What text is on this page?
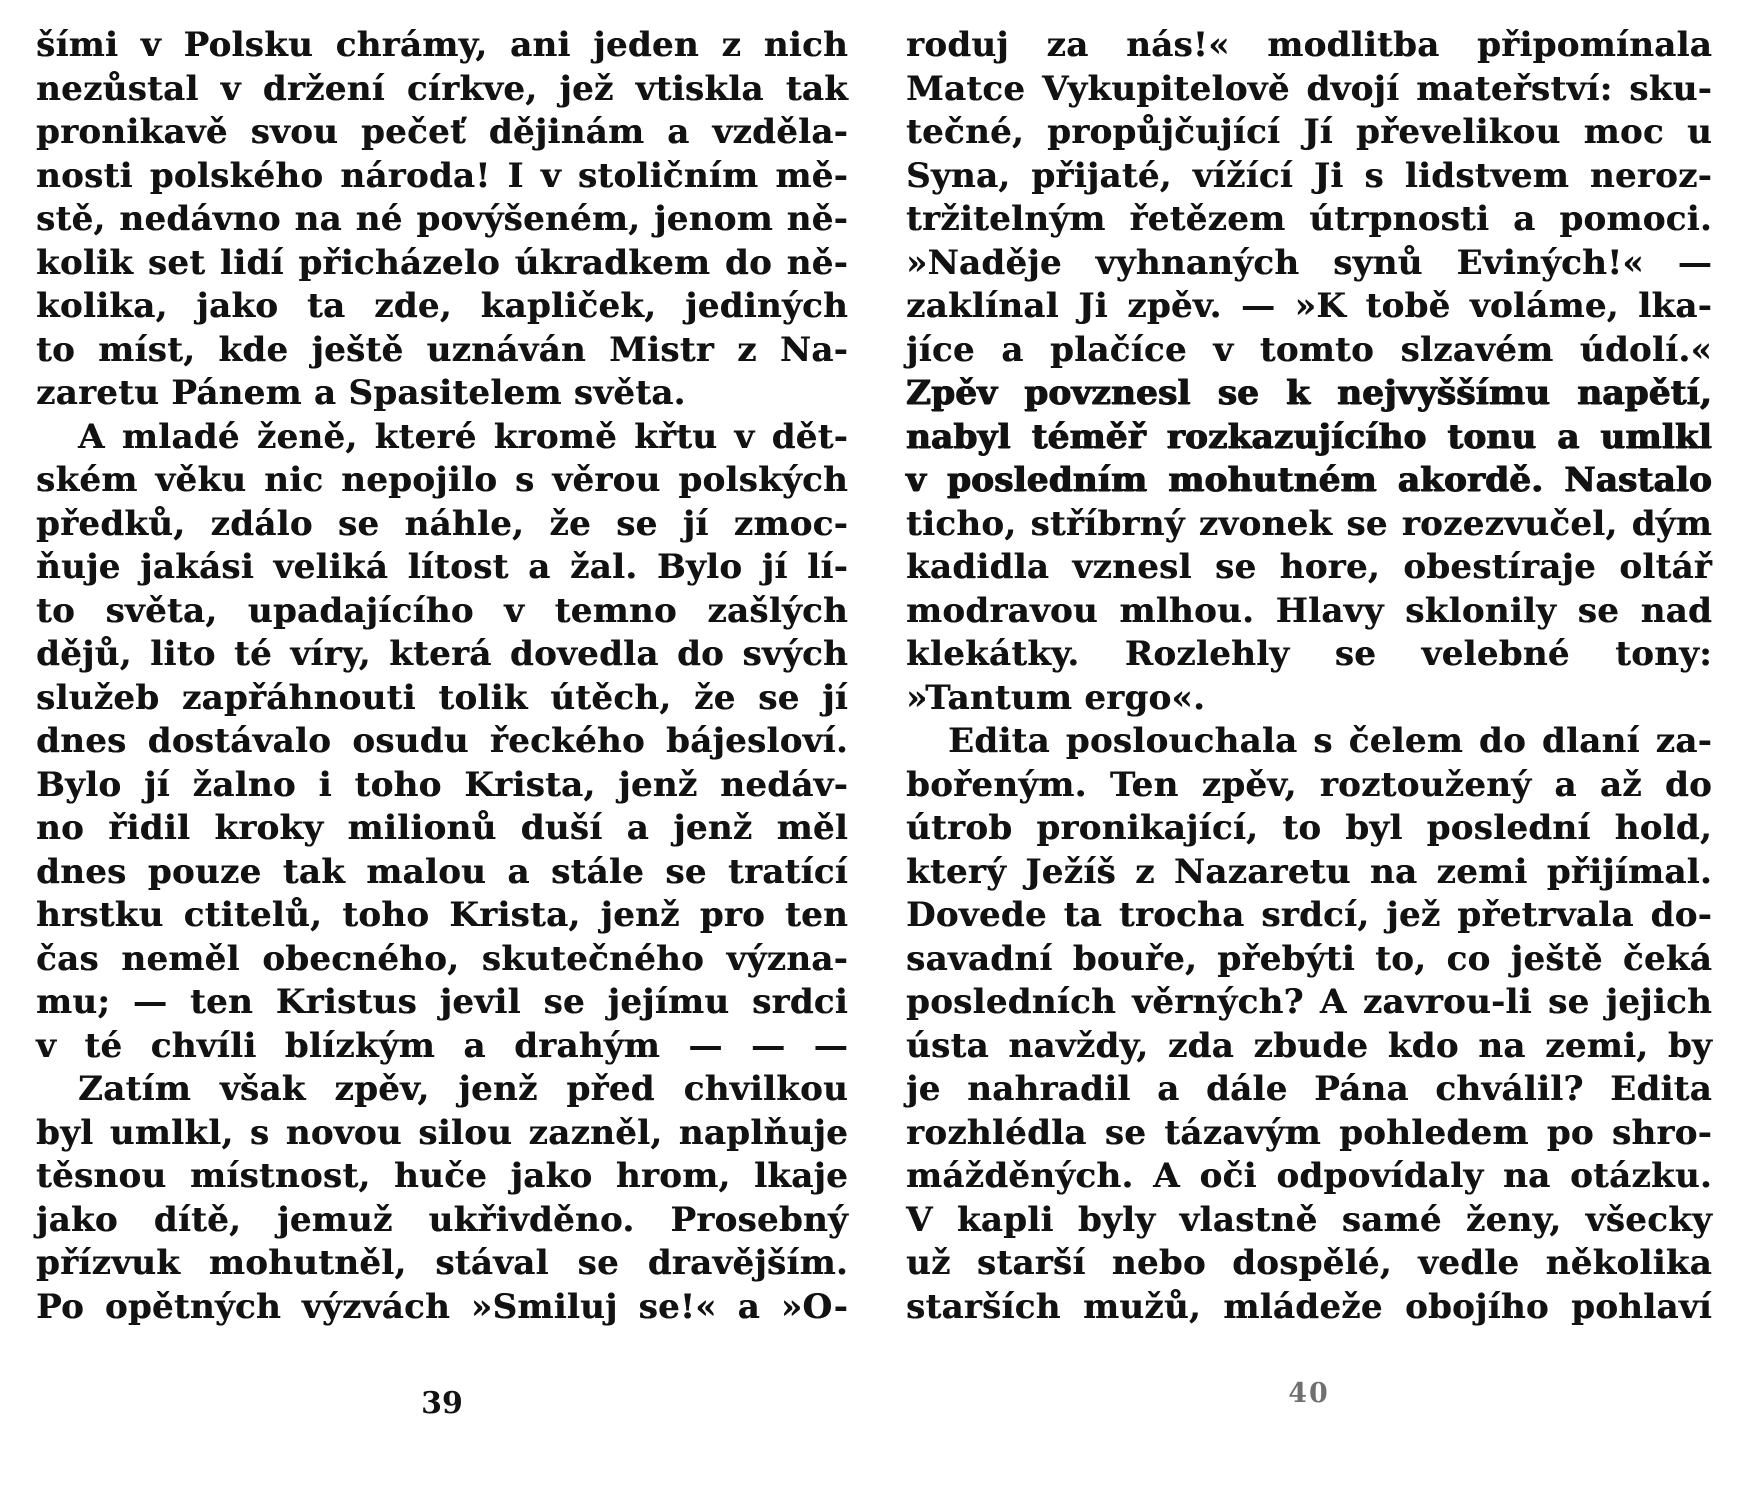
šími v Polsku chrámy, ani jeden z nich
nezůstal v držení církve, jež vtiskla tak
pronikavě svou pečeť dějinám a vzděla-
nosti polského národa! I v stoličním mě-
stě, nedávno na né povýšeném, jenom ně-
kolik set lidí přicházelo úkradkem do ně-
kolika, jako ta zde, kapliček, jediných
to míst, kde ještě uznáván Mistr z Na-
zaretu Pánem a Spasitelem světa.
A mladé ženě, které kromě křtu v dět-
ském věku nic nepojilo s věrou polských
předků, zdálo se náhle, že se jí zmoc-
ňuje jakási veliká lítost a žal. Bylo jí lí-
to světa, upadajícího v temno zašlých
dějů, lito té víry, která dovedla do svých
služeb zapřáhnouti tolik útěch, že se jí
dnes dostávalo osudu řeckého bájesloví.
Bylo jí žalno i toho Krista, jenž nedáv-
no řidil kroky milionů duší a jenž měl
dnes pouze tak malou a stále se tratící
hrstku ctitelů, toho Krista, jenž pro ten
čas neměl obecného, skutečného význa-
mu; — ten Kristus jevil se jejímu srdci
v té chvíli blízkým a drahým — — —
Zatím však zpěv, jenž před chvilkou
byl umlkl, s novou silou zazněl, naplňuje
těsnou místnost, huče jako hrom, lkaje
jako dítě, jemuž ukřivděno. Prosebný
přízvuk mohutněl, stával se dravějším.
Po opětných výzvách »Smiluj se!« a »O-
roduj za nás!« modlitba připomínala
Matce Vykupitelově dvojí mateřství: sku-
tečné, propůjčující Jí převelikou moc u
Syna, přijaté, vížící Ji s lidstvem neroz-
tržitelným řetězem útrpnosti a pomoci.
»Naděje vyhnaných synů Eviných!« —
zaklínal Ji zpěv. — »K tobě voláme, lka-
jíce a plačíce v tomto slzavém údolí.«
Zpěv povznesl se k nejvyššímu napětí,
nabyl téměř rozkazujícího tonu a umlkl
v posledním mohutném akordě. Nastalo
ticho, stříbrný zvonek se rozezvučel, dým
kadidla vznesl se hore, obestíraje oltář
modravou mlhou. Hlavy sklonily se nad
klekátky. Rozlehly se velebné tony:
»Tantum ergo«.
Edita poslouchala s čelem do dlaní za-
bořeným. Ten zpěv, roztoužený a až do
útrob pronikající, to byl poslední hold,
který Ježíš z Nazaretu na zemi přijímal.
Dovede ta trocha srdcí, jež přetrvala do-
savadní bouře, přebýti to, co ještě čeká
posledních věrných? A zavrou-li se jejich
ústa navždy, zda zbude kdo na zemi, by
je nahradil a dále Pána chválil? Edita
rozhlédla se tázavým pohledem po shro-
mážděných. A oči odpovídaly na otázku.
V kapli byly vlastně samé ženy, všecky
už starší nebo dospělé, vedle několika
starších mužů, mládeže obojího pohlaví
39	40
